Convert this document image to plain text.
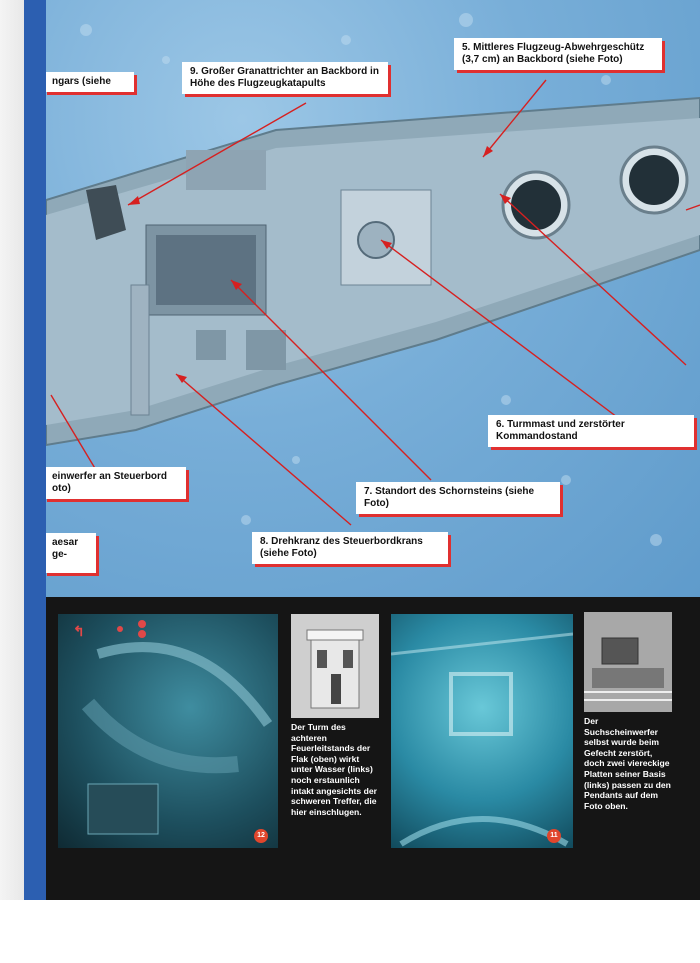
ngars (siehe
9. Großer Granattrichter an Backbord in Höhe des Flugzeugkatapults
5. Mittleres Flugzeug-Abwehrgeschütz (3,7 cm) an Backbord (siehe Foto)
6. Turmmast und zerstörter Kommandostand
7. Standort des Schornsteins (siehe Foto)
8. Drehkranz des Steuerbordkrans (siehe Foto)
einwerfer an Steuerbord
oto)
aesar ge-
↰
12
Der Turm des achteren Feuerleitstands der Flak (oben) wirkt unter Wasser (links) noch erstaunlich intakt angesichts der schweren Treffer, die hier einschlugen.
11
Der Suchscheinwerfer selbst wurde beim Gefecht zerstört, doch zwei viereckige Platten seiner Basis (links) passen zu den Pendants auf dem Foto oben.
